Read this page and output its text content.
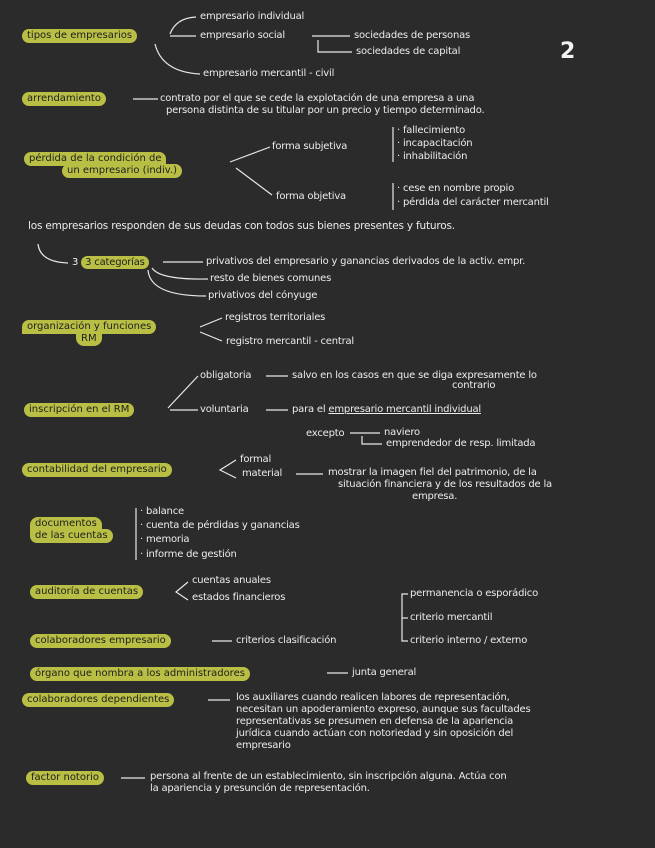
2
tipos de empresarios
empresario individual
empresario social
empresario mercantil - civil
sociedades de personas
sociedades de capital
arrendamiento	contrato por el que se cede la explotación de una empresa a una
persona distinta de su titular por un precio y tiempo determinado.
pérdida de la condición de
un empresario (indiv.)
forma subjetiva
· fallecimiento
· incapacitación
· inhabilitación
forma objetiva
· cese en nombre propio
· pérdida del carácter mercantil
los empresarios responden de sus deudas con todos sus bienes presentes y futuros.
3 3 categorías	privativos del empresario y ganancias derivados de la activ. empr.
resto de bienes comunes
privativos del cónyuge
organización y funciones
RM
registros territoriales
registro mercantil - central
inscripción en el RM
obligatoria	salvo en los casos en que se diga expresamente lo
contrario
voluntaria	para el empresario mercantil individual
excepto	naviero
emprendedor de resp. limitada
contabilidad del empresario
formal
material	mostrar la imagen fiel del patrimonio, de la
situación financiera y de los resultados de la
empresa.
documentos
de las cuentas
· balance
· cuenta de pérdidas y ganancias
· memoria
· informe de gestión
auditoría de cuentas
cuentas anuales
estados financieros
colaboradores empresario	criterios clasificación
permanencia o esporádico
criterio mercantil
criterio interno / externo
órgano que nombra a los administradores	junta general
colaboradores dependientes	los auxiliares cuando realicen labores de representación,
necesitan un apoderamiento expreso, aunque sus facultades
representativas se presumen en defensa de la apariencia
jurídica cuando actúan con notoriedad y sin oposición del
empresario
factor notorio	persona al frente de un establecimiento, sin inscripción alguna. Actúa con
la apariencia y presunción de representación.
